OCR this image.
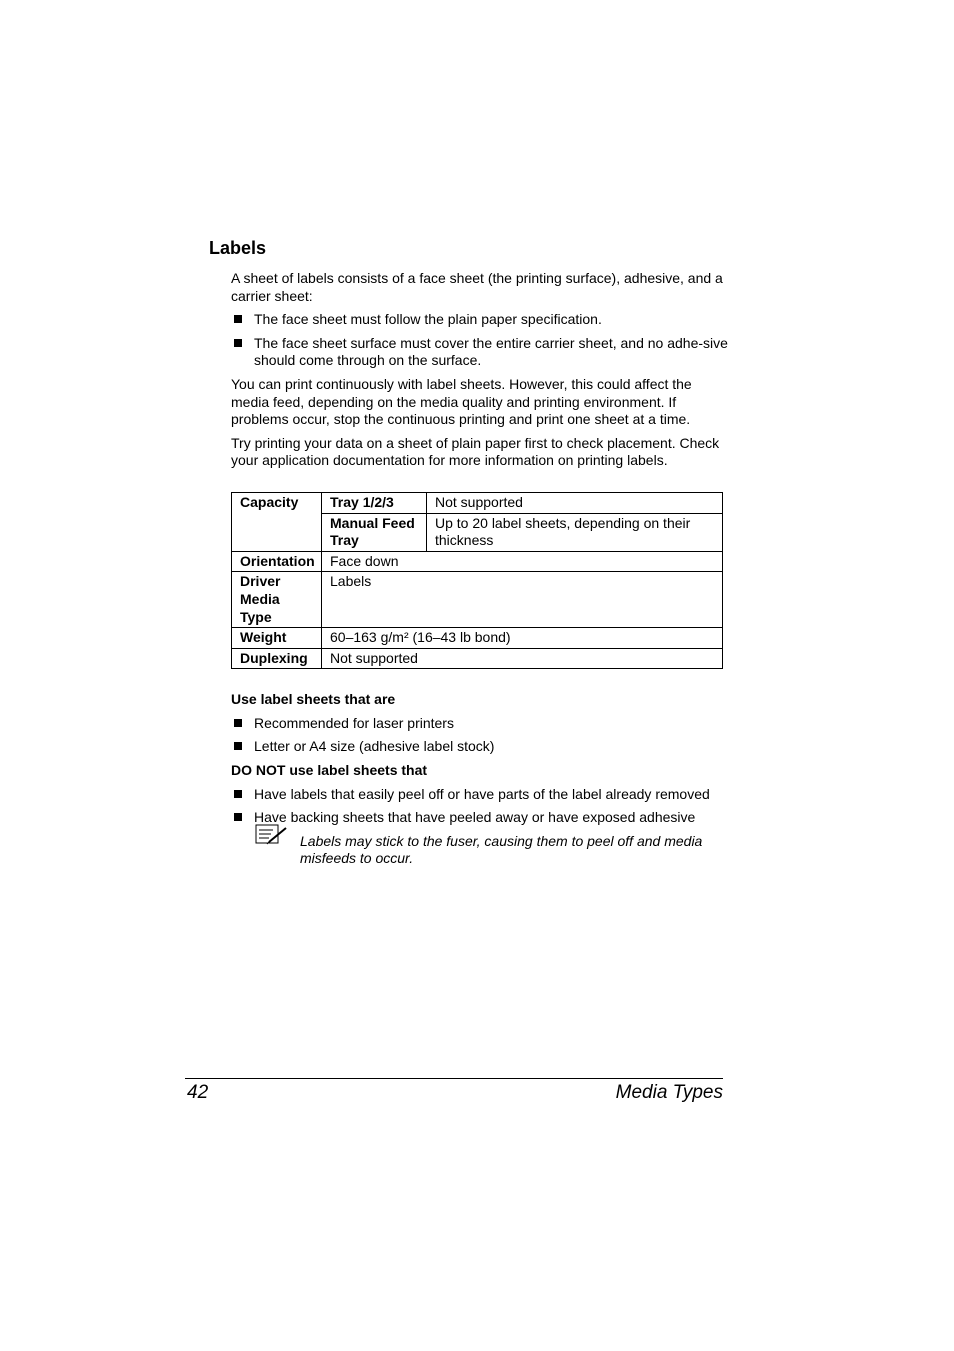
Labels

A sheet of labels consists of a face sheet (the printing surface), adhesive, and a carrier sheet:

The face sheet must follow the plain paper specification.
The face sheet surface must cover the entire carrier sheet, and no adhe-sive should come through on the surface.

You can print continuously with label sheets. However, this could affect the media feed, depending on the media quality and printing environment. If problems occur, stop the continuous printing and print one sheet at a time.

Try printing your data on a sheet of plain paper first to check placement. Check your application documentation for more information on printing labels.

Capacity	Tray 1/2/3	Not supported
	Manual Feed Tray	Up to 20 label sheets, depending on their thickness
Orientation	Face down	
Driver Media Type	Labels	
Weight	60–163 g/m² (16–43 lb bond)	
Duplexing	Not supported	
Use label sheets that are
Recommended for laser printers
Letter or A4 size (adhesive label stock)
DO NOT use label sheets that
Have labels that easily peel off or have parts of the label already removed
Have backing sheets that have peeled away or have exposed adhesive
Labels may stick to the fuser, causing them to peel off and media misfeeds to occur.
42	Media Types
